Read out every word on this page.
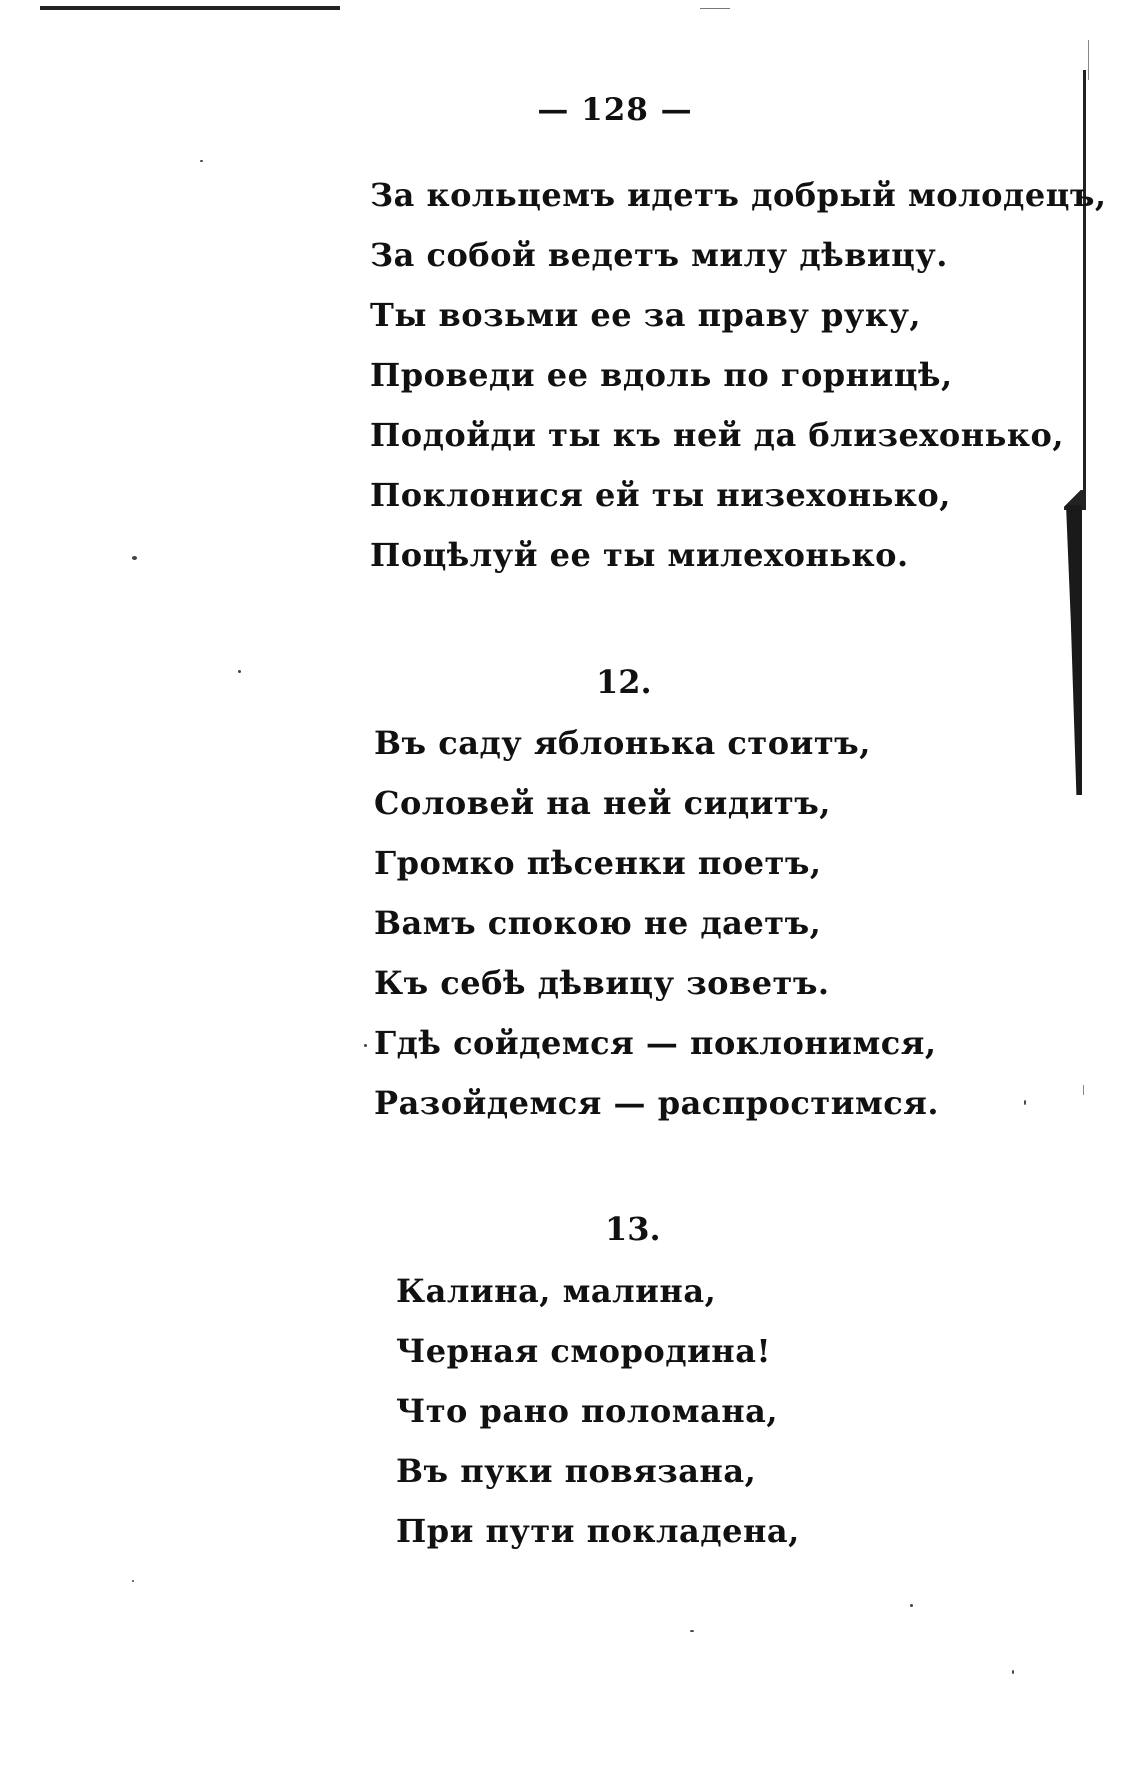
— 128 —
За кольцемъ идетъ добрый молодецъ,
За собой ведетъ милу дѣвицу.
Ты возьми ее за праву руку,
Проведи ее вдоль по горницѣ,
Подойди ты къ ней да близехонько,
Поклонися ей ты низехонько,
Поцѣлуй ее ты милехонько.
12.
Въ саду яблонька стоитъ,
Соловей на ней сидитъ,
Громко пѣсенки поетъ,
Вамъ спокою не даетъ,
Къ себѣ дѣвицу зоветъ.
Гдѣ сойдемся — поклонимся,
Разойдемся — распростимся.
13.
Калина, малина,
Черная смородина!
Что рано поломана,
Въ пуки повязана,
При пути покладена,
